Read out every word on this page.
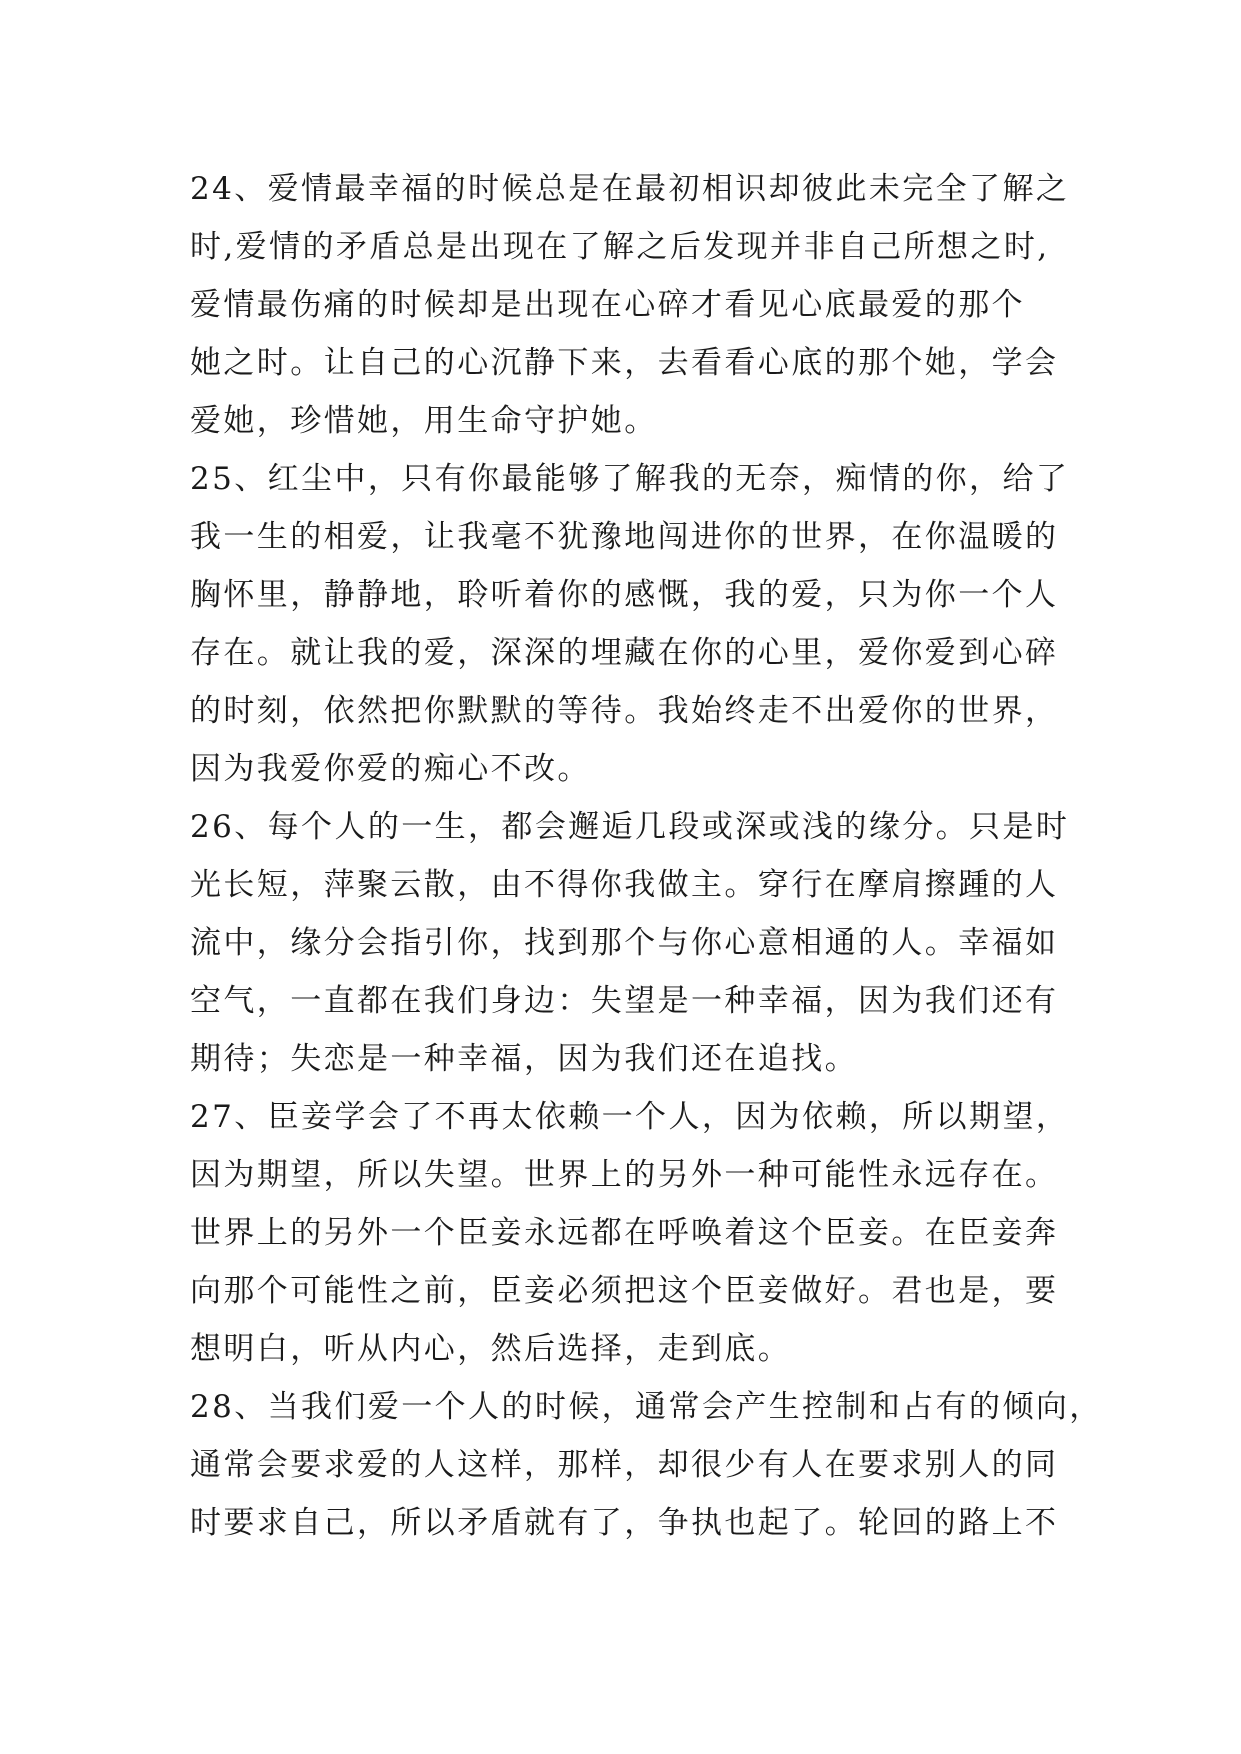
24、爱情最幸福的时候总是在最初相识却彼此未完全了解之
时,爱情的矛盾总是出现在了解之后发现并非自己所想之时,
爱情最伤痛的时候却是出现在心碎才看见心底最爱的那个
她之时。让自己的心沉静下来，去看看心底的那个她，学会
爱她，珍惜她，用生命守护她。
25、红尘中，只有你最能够了解我的无奈，痴情的你，给了
我一生的相爱，让我毫不犹豫地闯进你的世界，在你温暖的
胸怀里，静静地，聆听着你的感慨，我的爱，只为你一个人
存在。就让我的爱，深深的埋藏在你的心里，爱你爱到心碎
的时刻，依然把你默默的等待。我始终走不出爱你的世界，
因为我爱你爱的痴心不改。
26、每个人的一生，都会邂逅几段或深或浅的缘分。只是时
光长短，萍聚云散，由不得你我做主。穿行在摩肩擦踵的人
流中，缘分会指引你，找到那个与你心意相通的人。幸福如
空气，一直都在我们身边：失望是一种幸福，因为我们还有
期待；失恋是一种幸福，因为我们还在追找。
27、臣妾学会了不再太依赖一个人，因为依赖，所以期望，
因为期望，所以失望。世界上的另外一种可能性永远存在。
世界上的另外一个臣妾永远都在呼唤着这个臣妾。在臣妾奔
向那个可能性之前，臣妾必须把这个臣妾做好。君也是，要
想明白，听从内心，然后选择，走到底。
28、当我们爱一个人的时候，通常会产生控制和占有的倾向，
通常会要求爱的人这样，那样，却很少有人在要求别人的同
时要求自己，所以矛盾就有了，争执也起了。轮回的路上不
